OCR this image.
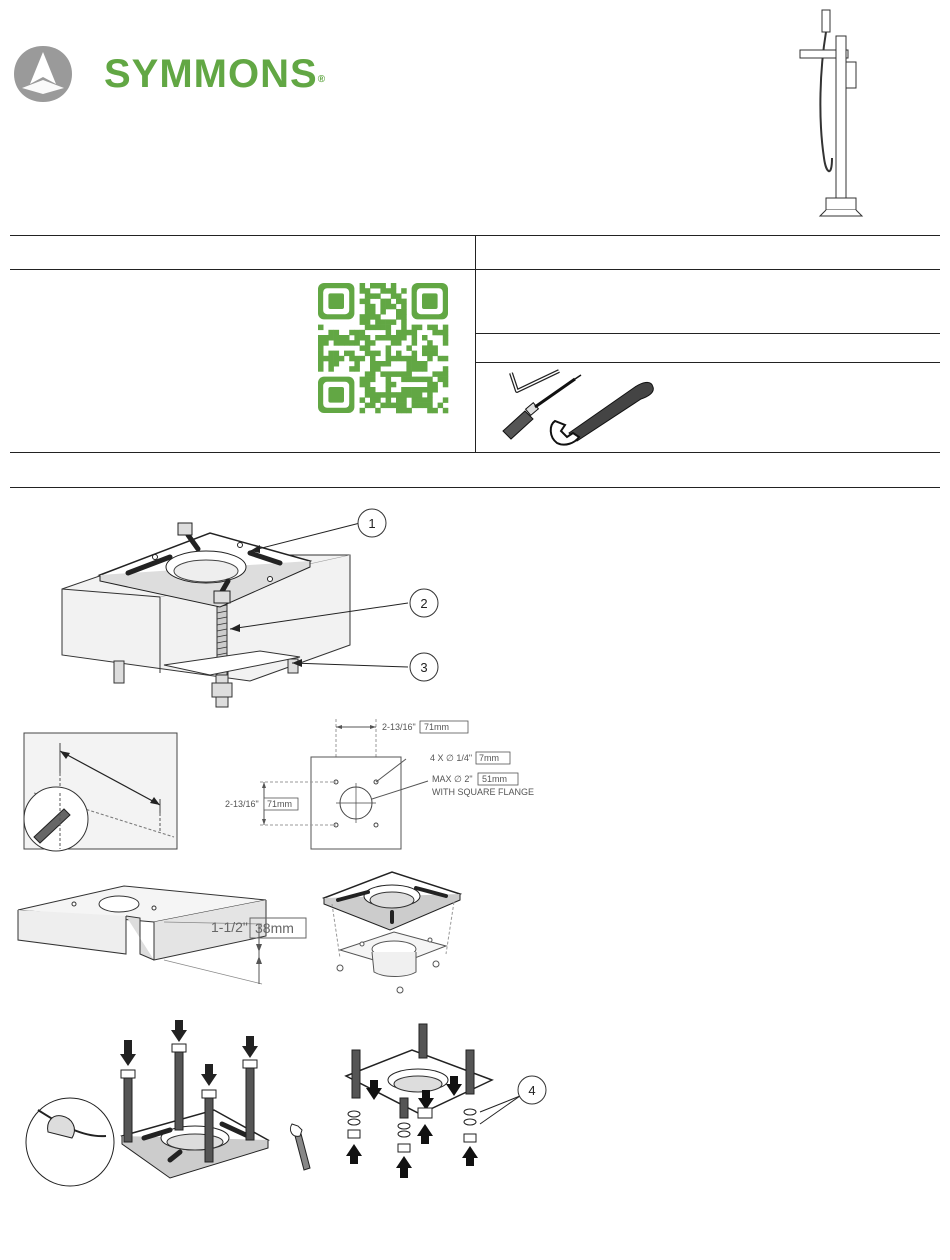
SYMMONS®
1
2
3
2-13/16" 71mm
2-13/16" 71mm
4 X ∅ 1/4" 7mm
MAX ∅ 2" 51mm
WITH SQUARE FLANGE
1-1/2" 38mm
4
